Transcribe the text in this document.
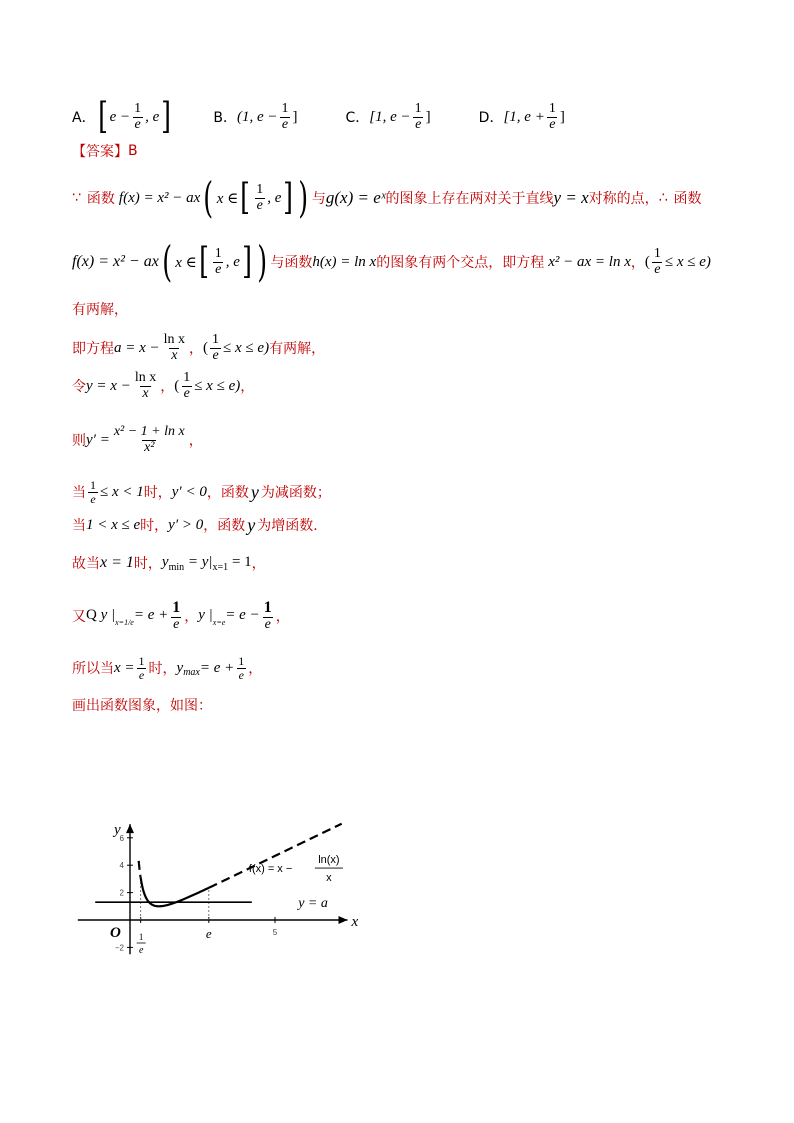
A． [ $e - \frac{1}{e}$ , e ]	B． (1, $e - \frac{1}{e}$ ]	C． [1, $e - \frac{1}{e}$ ]	D． [1, $e + \frac{1}{e}$ ]
【答案】 B
∵ 函数 f(x) = x² − ax ( x ∈ [ $\frac{1}{e}$ , e ] ) 与 g(x) = eˣ 的图象上存在两对关于直线 y = x 对称的点， ∴ 函数
f(x) = x² − ax ( x ∈ [ $\frac{1}{e}$ , e ] ) 与函数 h(x) = ln x 的图象有两个交点，即方程 x² − ax = ln x ， ( $\frac{1}{e} \le x \le e$)
有两解，
即方程 $a = x - \frac{\text{ln x}}{x}$ ， ( $\frac{1}{e} \le x \le e$) 有两解，
令 $y = x - \frac{\text{ln x}}{x}$ ， ( $\frac{1}{e} \le x \le e$) ，
则 $y' = \frac{\text{x² − 1 + ln x}}{\text{x²}}$ ，
当 $\frac{1}{e} \le x < 1$ 时， y′ < 0 ，函数 y 为减函数；
当 1 < x ≤ e 时， y′ > 0 ，函数 y 为增函数.
故当 x = 1 时， $y_{min} = y|_{x=1} = 1$ ，
又 Q
y $|_{x=1/e} = e + \frac{1}{e}$ ， y $|_{x=e} = e - \frac{1}{e}$ ，
所以当 $x = \frac{1}{e}$ 时， $y_{max} = e + \frac{1}{e}$ ，
画出函数图象，如图：
x
y
O
−2
2
4
6
1
e
e	5
y = a
f(x) = x −
ln(x)
x
